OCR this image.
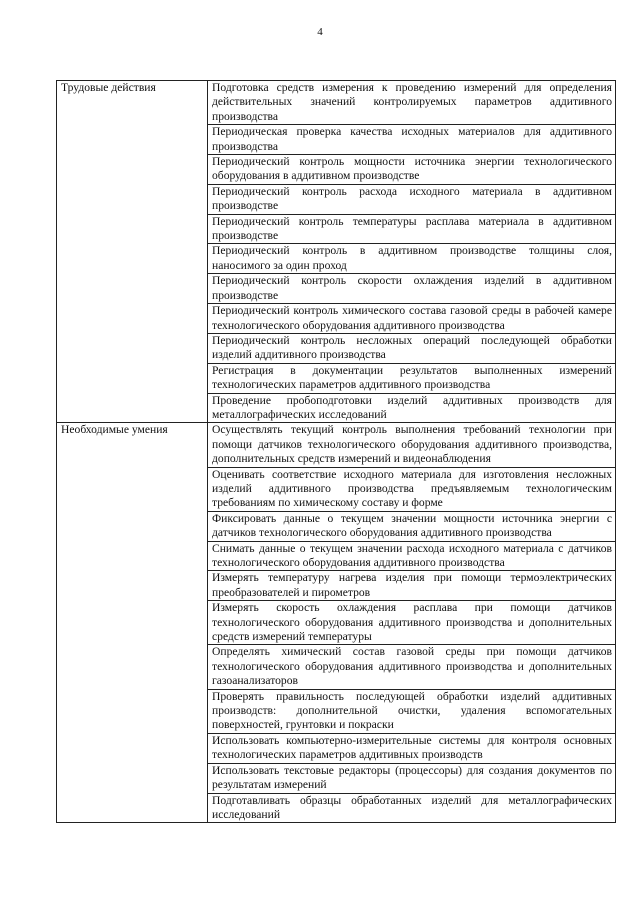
4
Трудовые действия	Подготовка средств измерения к проведению измерений для определения действительных значений контролируемых параметров аддитивного производства
	Периодическая проверка качества исходных материалов для аддитивного производства
	Периодический контроль мощности источника энергии технологического оборудования в аддитивном производстве
	Периодический контроль расхода исходного материала в аддитивном производстве
	Периодический контроль температуры расплава материала в аддитивном производстве
	Периодический контроль в аддитивном производстве толщины слоя, наносимого за один проход
	Периодический контроль скорости охлаждения изделий в аддитивном производстве
	Периодический контроль химического состава газовой среды в рабочей камере технологического оборудования аддитивного производства
	Периодический контроль несложных операций последующей обработки изделий аддитивного производства
	Регистрация в документации результатов выполненных измерений технологических параметров аддитивного производства
	Проведение пробоподготовки изделий аддитивных производств для металлографических исследований
Необходимые умения	Осуществлять текущий контроль выполнения требований технологии при помощи датчиков технологического оборудования аддитивного производства, дополнительных средств измерений и видеонаблюдения
	Оценивать соответствие исходного материала для изготовления несложных изделий аддитивного производства предъявляемым технологическим требованиям по химическому составу и форме
	Фиксировать данные о текущем значении мощности источника энергии с датчиков технологического оборудования аддитивного производства
	Снимать данные о текущем значении расхода исходного материала с датчиков технологического оборудования аддитивного производства
	Измерять температуру нагрева изделия при помощи термоэлектрических преобразователей и пирометров
	Измерять скорость охлаждения расплава при помощи датчиков технологического оборудования аддитивного производства и дополнительных средств измерений температуры
	Определять химический состав газовой среды при помощи датчиков технологического оборудования аддитивного производства и дополнительных газоанализаторов
	Проверять правильность последующей обработки изделий аддитивных производств: дополнительной очистки, удаления вспомогательных поверхностей, грунтовки и покраски
	Использовать компьютерно-измерительные системы для контроля основных технологических параметров аддитивных производств
	Использовать текстовые редакторы (процессоры) для создания документов по результатам измерений
	Подготавливать образцы обработанных изделий для металлографических исследований
